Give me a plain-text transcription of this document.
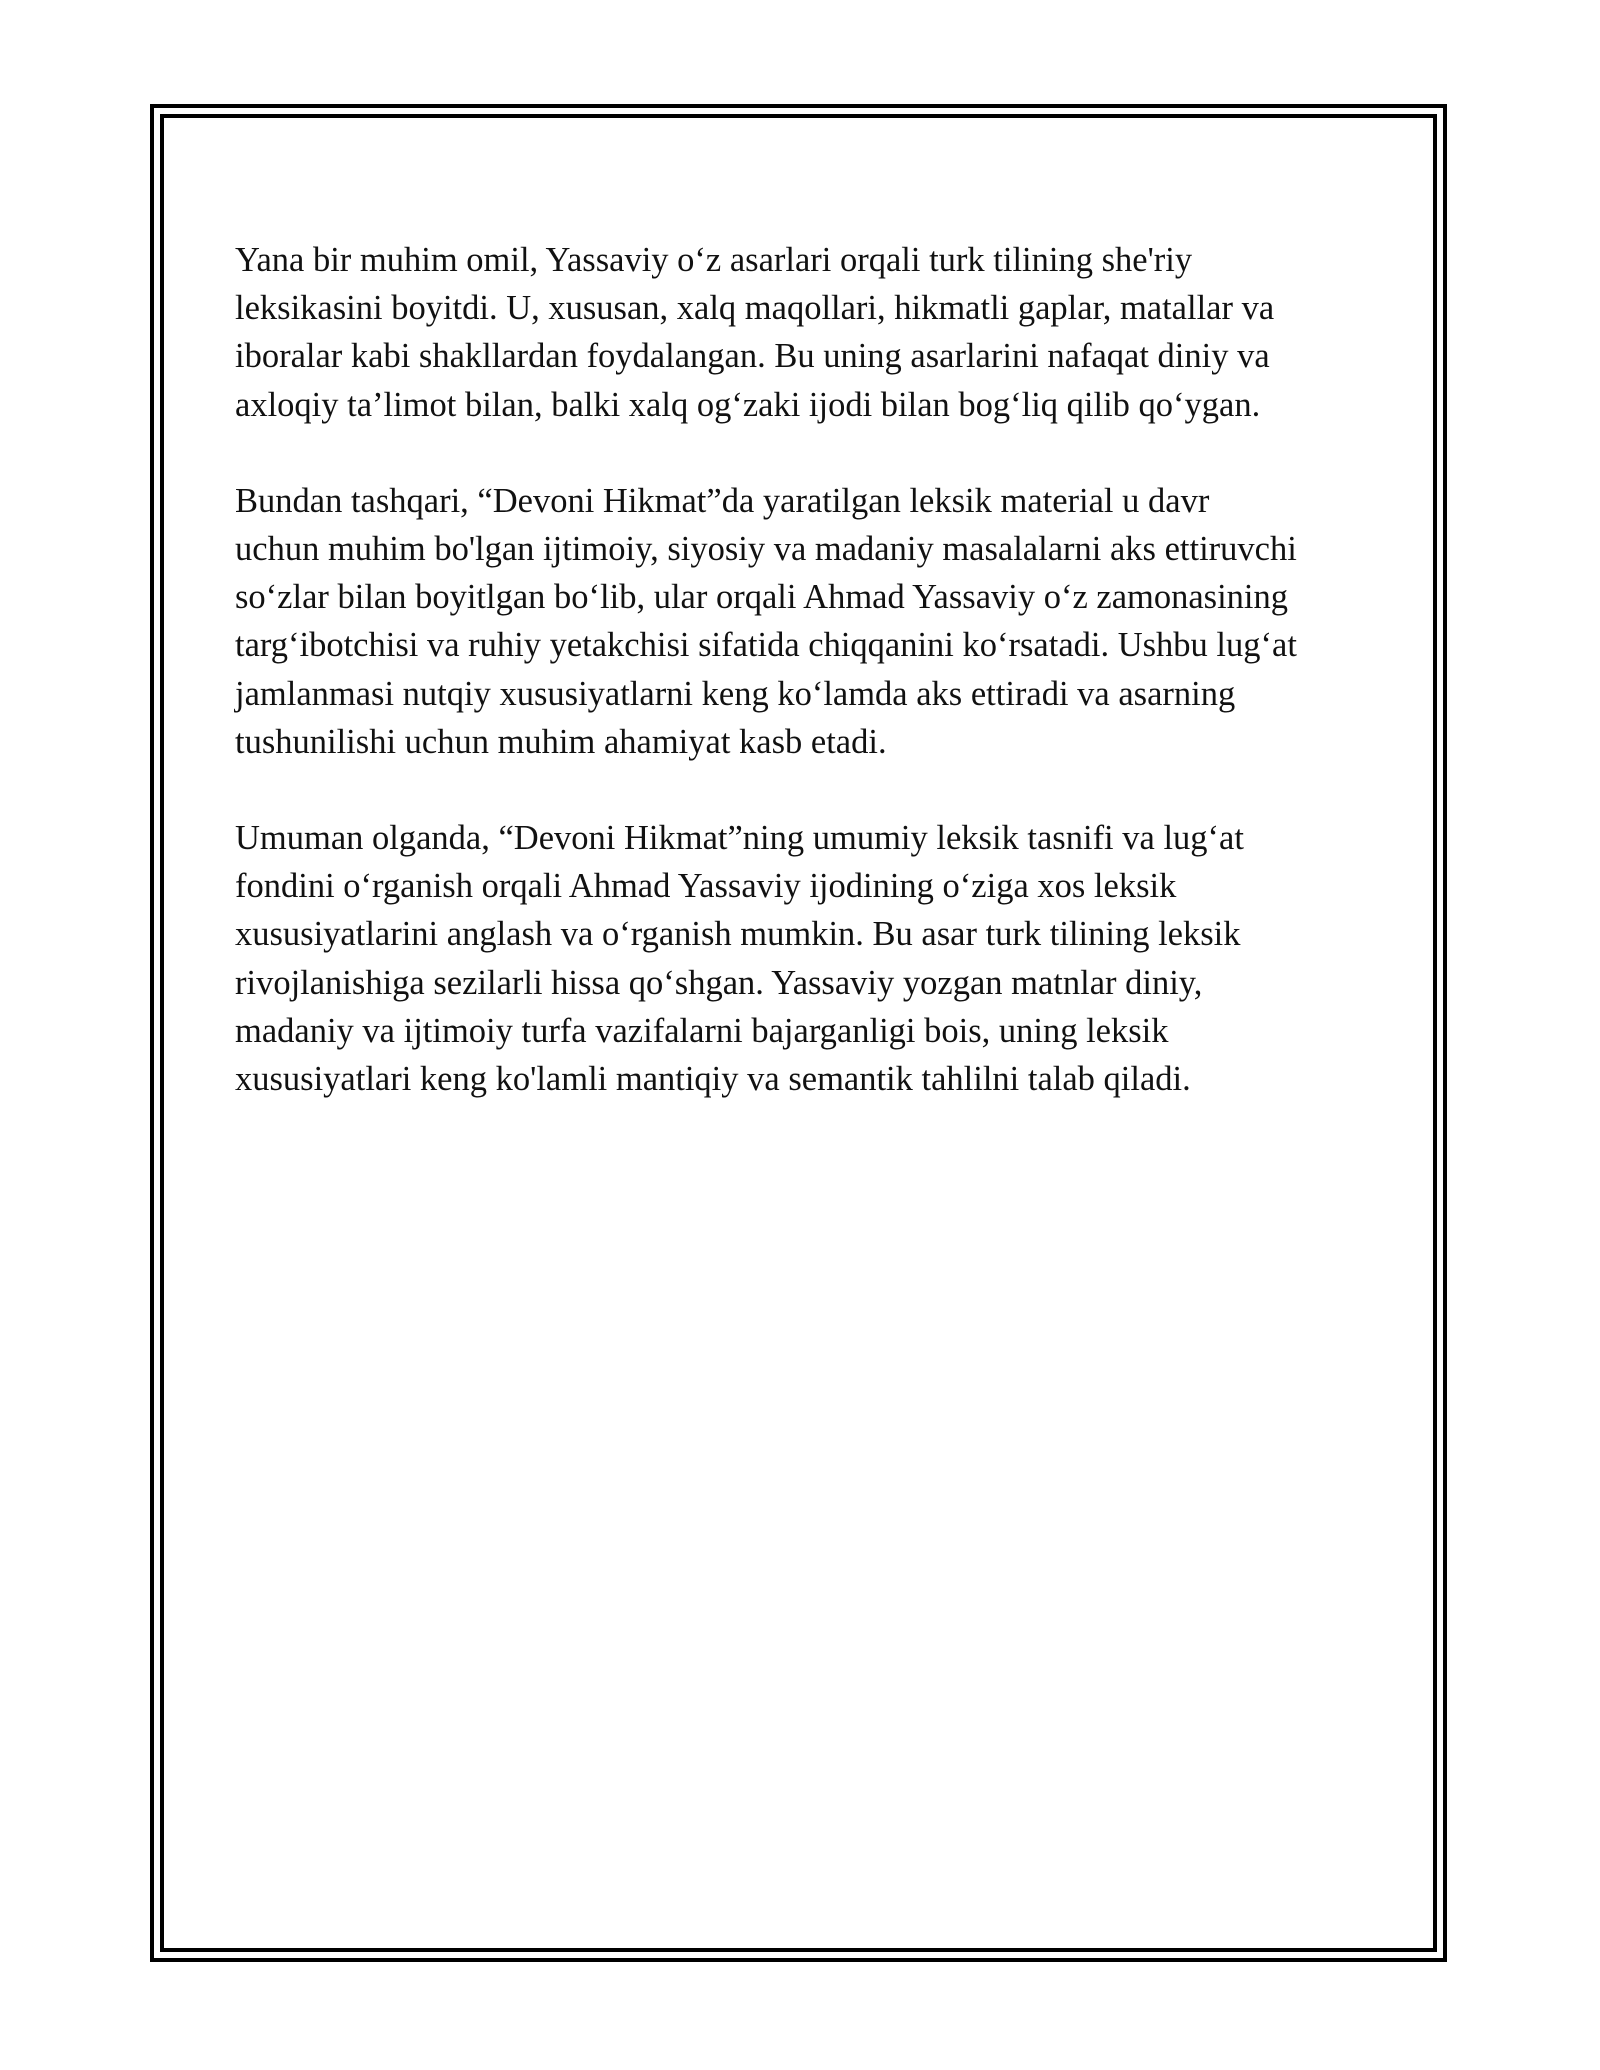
Yana bir muhim omil, Yassaviy o‘z asarlari orqali turk tilining she'riy
leksikasini boyitdi. U, xususan, xalq maqollari, hikmatli gaplar, matallar va
iboralar kabi shakllardan foydalangan. Bu uning asarlarini nafaqat diniy va
axloqiy ta’limot bilan, balki xalq og‘zaki ijodi bilan bog‘liq qilib qo‘ygan.

Bundan tashqari, “Devoni Hikmat”da yaratilgan leksik material u davr
uchun muhim bo'lgan ijtimoiy, siyosiy va madaniy masalalarni aks ettiruvchi
so‘zlar bilan boyitlgan bo‘lib, ular orqali Ahmad Yassaviy o‘z zamonasining
targ‘ibotchisi va ruhiy yetakchisi sifatida chiqqanini ko‘rsatadi. Ushbu lug‘at
jamlanmasi nutqiy xususiyatlarni keng ko‘lamda aks ettiradi va asarning
tushunilishi uchun muhim ahamiyat kasb etadi.

Umuman olganda, “Devoni Hikmat”ning umumiy leksik tasnifi va lug‘at
fondini o‘rganish orqali Ahmad Yassaviy ijodining o‘ziga xos leksik
xususiyatlarini anglash va o‘rganish mumkin. Bu asar turk tilining leksik
rivojlanishiga sezilarli hissa qo‘shgan. Yassaviy yozgan matnlar diniy,
madaniy va ijtimoiy turfa vazifalarni bajarganligi bois, uning leksik
xususiyatlari keng ko'lamli mantiqiy va semantik tahlilni talab qiladi.
